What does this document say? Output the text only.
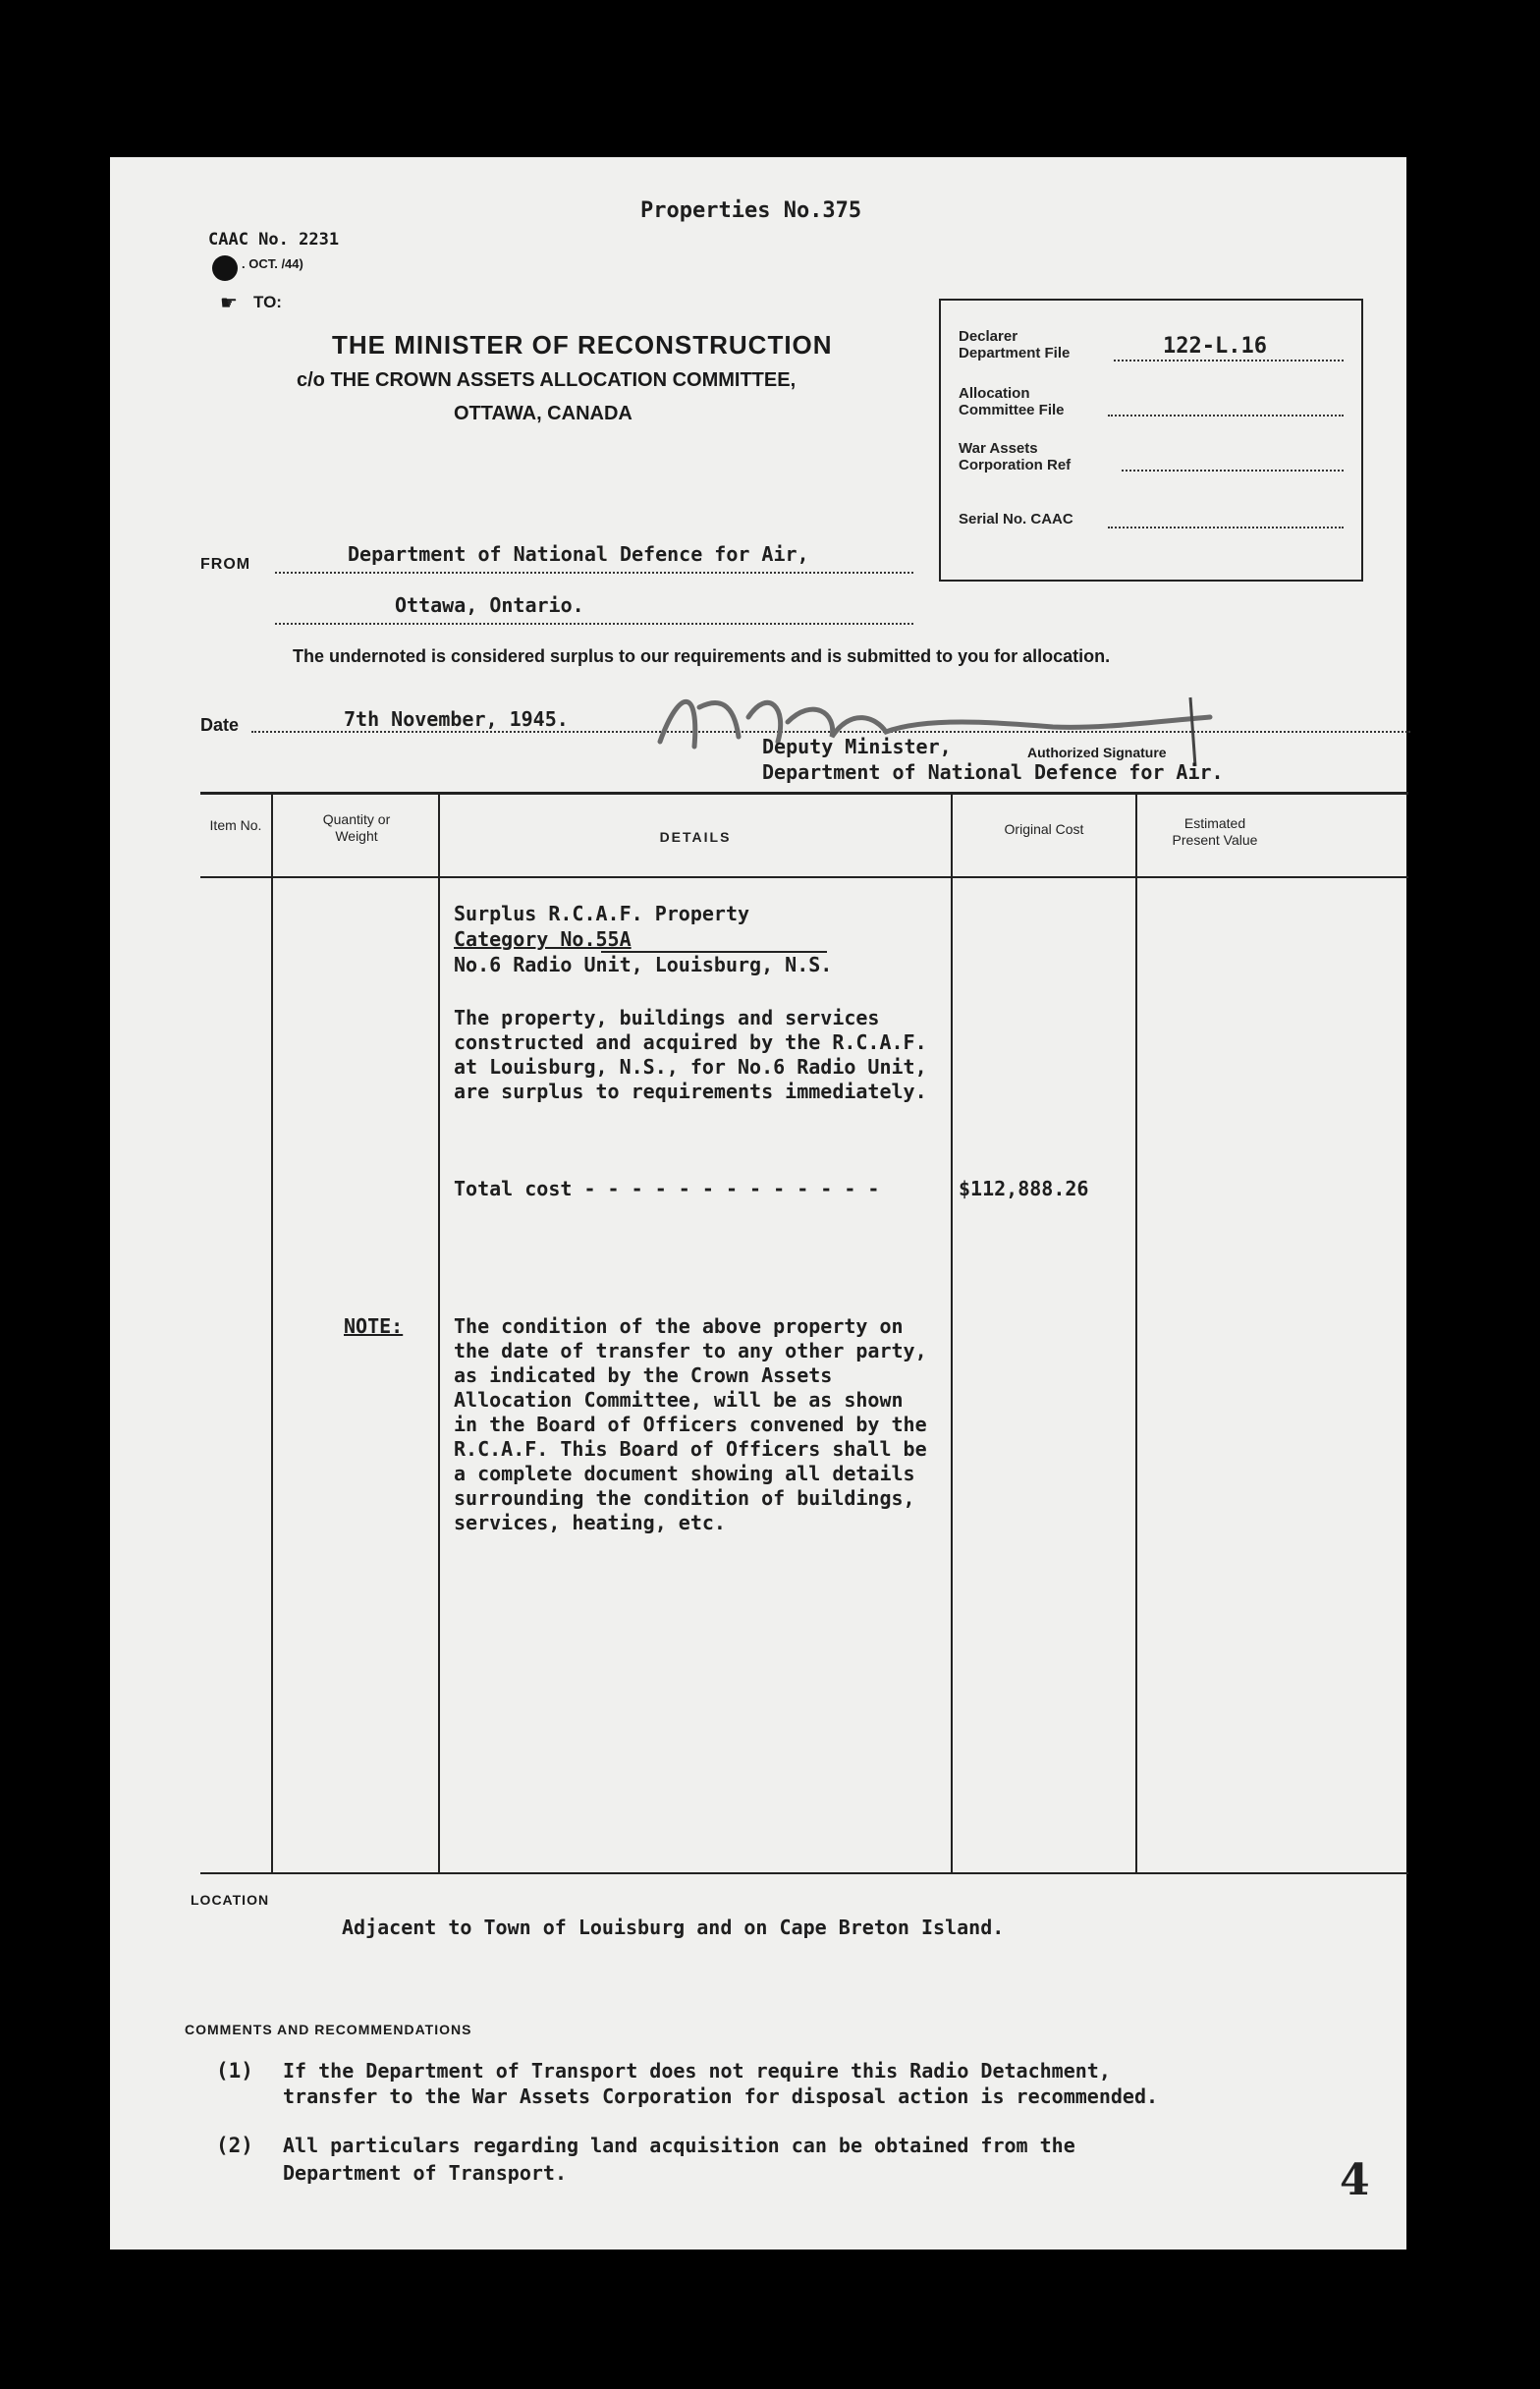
Properties No.375
CAAC No. 2231
. OCT. /44)
☛ TO:
THE MINISTER OF RECONSTRUCTION
c/o THE CROWN ASSETS ALLOCATION COMMITTEE,
OTTAWA, CANADA
Declarer
Department File	122-L.16
Allocation
Committee File
War Assets
Corporation Ref
Serial No. CAAC
FROM	Department of National Defence for Air,
Ottawa, Ontario.
The undernoted is considered surplus to our requirements and is submitted to you for allocation.
Date	7th November, 1945.
Deputy Minister,	Authorized Signature
Department of National Defence for Air.
Item No.	Quantity or Weight	DETAILS	Original Cost	Estimated Present Value
Surplus R.C.A.F. Property
Category No.55A
No.6 Radio Unit, Louisburg, N.S.
The property, buildings and services constructed and acquired by the R.C.A.F. at Louisburg, N.S., for No.6 Radio Unit, are surplus to requirements immediately.
Total cost - - - - - - - - - - - - -	$112,888.26
NOTE:	The condition of the above property on the date of transfer to any other party, as indicated by the Crown Assets Allocation Committee, will be as shown in the Board of Officers convened by the R.C.A.F. This Board of Officers shall be a complete document showing all details surrounding the condition of buildings, services, heating, etc.
LOCATION
Adjacent to Town of Louisburg and on Cape Breton Island.
COMMENTS AND RECOMMENDATIONS
(1) If the Department of Transport does not require this Radio Detachment,
transfer to the War Assets Corporation for disposal action is recommended.
(2) All particulars regarding land acquisition can be obtained from the
Department of Transport.	4
